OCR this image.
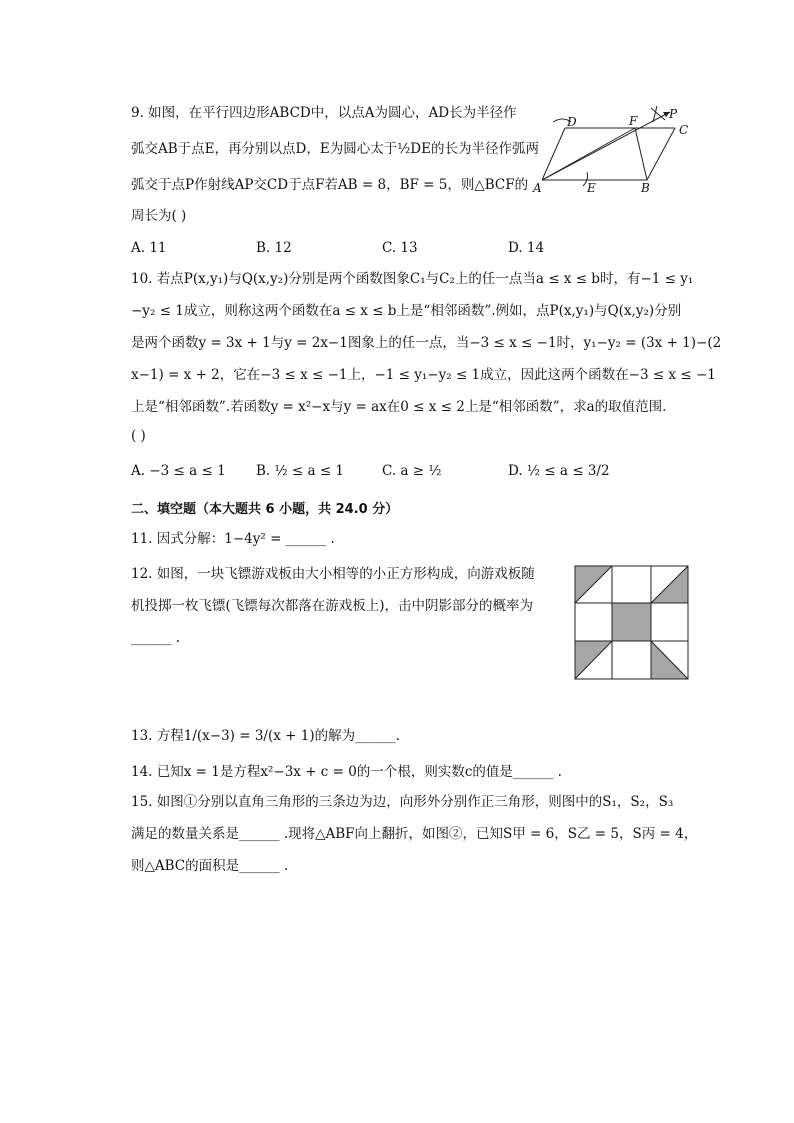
9. 如图，在平行四边形ABCD中，以点A为圆心，AD长为半径作
弧交AB于点E，再分别以点D，E为圆心太于½DE的长为半径作弧两
弧交于点P作射线AP交CD于点F若AB = 8，BF = 5，则△BCF的
周长为( )
A. 11	B. 12	C. 13	D. 14
A	B
C
D
E
F	P
10. 若点P(x,y₁)与Q(x,y₂)分别是两个函数图象C₁与C₂上的任一点当a ≤ x ≤ b时，有−1 ≤ y₁
−y₂ ≤ 1成立，则称这两个函数在a ≤ x ≤ b上是“相邻函数”.例如，点P(x,y₁)与Q(x,y₂)分别
是两个函数y = 3x + 1与y = 2x−1图象上的任一点，当−3 ≤ x ≤ −1时，y₁−y₂ = (3x + 1)−(2
x−1) = x + 2，它在−3 ≤ x ≤ −1上，−1 ≤ y₁−y₂ ≤ 1成立，因此这两个函数在−3 ≤ x ≤ −1
上是“相邻函数”.若函数y = x²−x与y = ax在0 ≤ x ≤ 2上是“相邻函数”，求a的取值范围.
( )
A. −3 ≤ a ≤ 1 B. ½ ≤ a ≤ 1	C. a ≥ ½	D. ½ ≤ a ≤ 3/2
二、填空题（本大题共 6 小题，共 24.0 分）
11. 因式分解：1−4y² = ______ .
12. 如图，一块飞镖游戏板由大小相等的小正方形构成，向游戏板随
机投掷一枚飞镖(飞镖每次都落在游戏板上)，击中阴影部分的概率为
______ .
13. 方程1/(x−3) = 3/(x + 1)的解为______.
14. 已知x = 1是方程x²−3x + c = 0的一个根，则实数c的值是______ .
15. 如图①分别以直角三角形的三条边为边，向形外分别作正三角形，则图中的S₁，S₂，S₃
满足的数量关系是______ .现将△ABF向上翻折，如图②，已知S甲 = 6，S乙 = 5，S丙 = 4，
则△ABC的面积是______ .
